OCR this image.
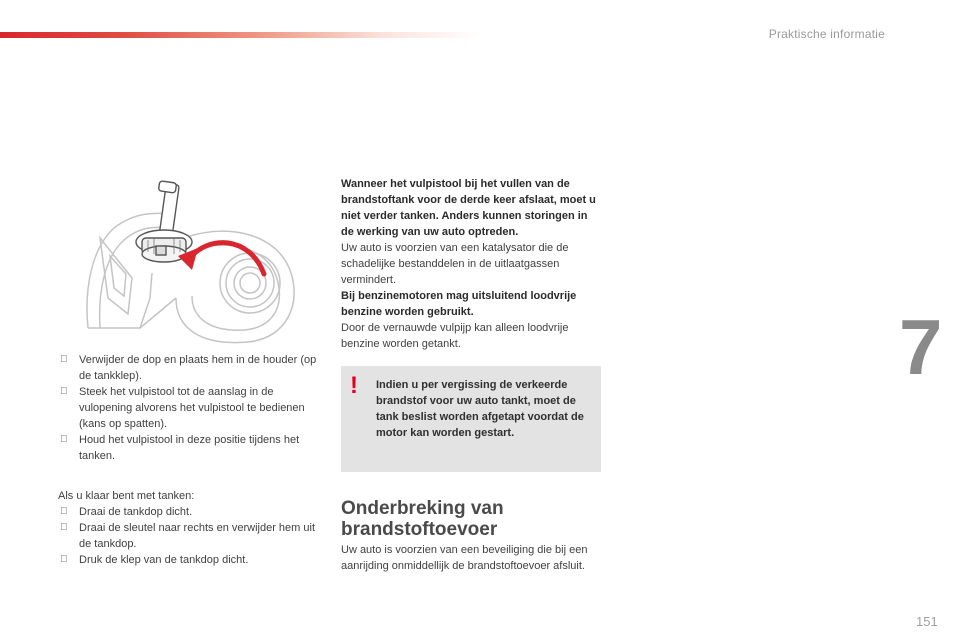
Praktische informatie
7
Verwijder de dop en plaats hem in de houder (op de tankklep).
Steek het vulpistool tot de aanslag in de vulopening alvorens het vulpistool te bedienen (kans op spatten).
Houd het vulpistool in deze positie tijdens het tanken.

Als u klaar bent met tanken:

Draai de tankdop dicht.
Draai de sleutel naar rechts en verwijder hem uit de tankdop.
Druk de klep van de tankdop dicht.

Wanneer het vulpistool bij het vullen van de brandstoftank voor de derde keer afslaat, moet u niet verder tanken. Anders kunnen storingen in de werking van uw auto optreden.

Uw auto is voorzien van een katalysator die de schadelijke bestanddelen in de uitlaatgassen vermindert.

Bij benzinemotoren mag uitsluitend loodvrije benzine worden gebruikt.

Door de vernauwde vulpijp kan alleen loodvrije benzine worden getankt.

! Indien u per vergissing de verkeerde brandstof voor uw auto tankt, moet de tank beslist worden afgetapt voordat de motor kan worden gestart.
Onderbreking van brandstoftoevoer

Uw auto is voorzien van een beveiliging die bij een aanrijding onmiddellijk de brandstoftoevoer afsluit.

151
